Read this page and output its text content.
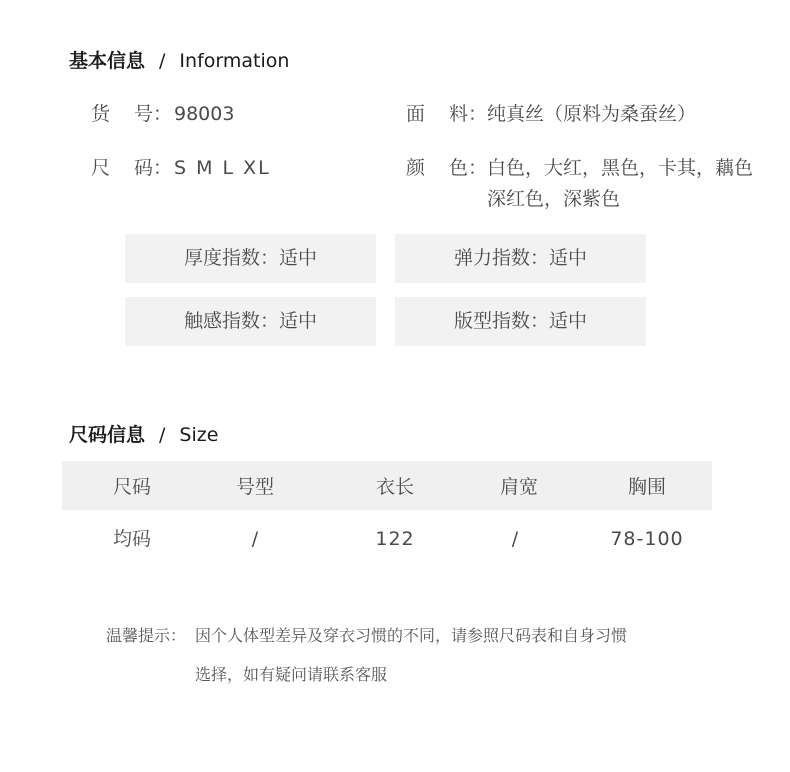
基本信息 / Information
货 号： 98003	面 料：纯真丝（原料为桑蚕丝）
尺 码： S M L XL	颜 色： 白色，大红，黑色，卡其，藕色
深红色，深紫色
厚度指数：适中	弹力指数：适中
触感指数：适中	版型指数：适中
尺码信息 / Size
尺码	号型	衣长	肩宽	胸围
均码	/	122	/	78-100
温馨提示： 因个人体型差异及穿衣习惯的不同，请参照尺码表和自身习惯
选择，如有疑问请联系客服
